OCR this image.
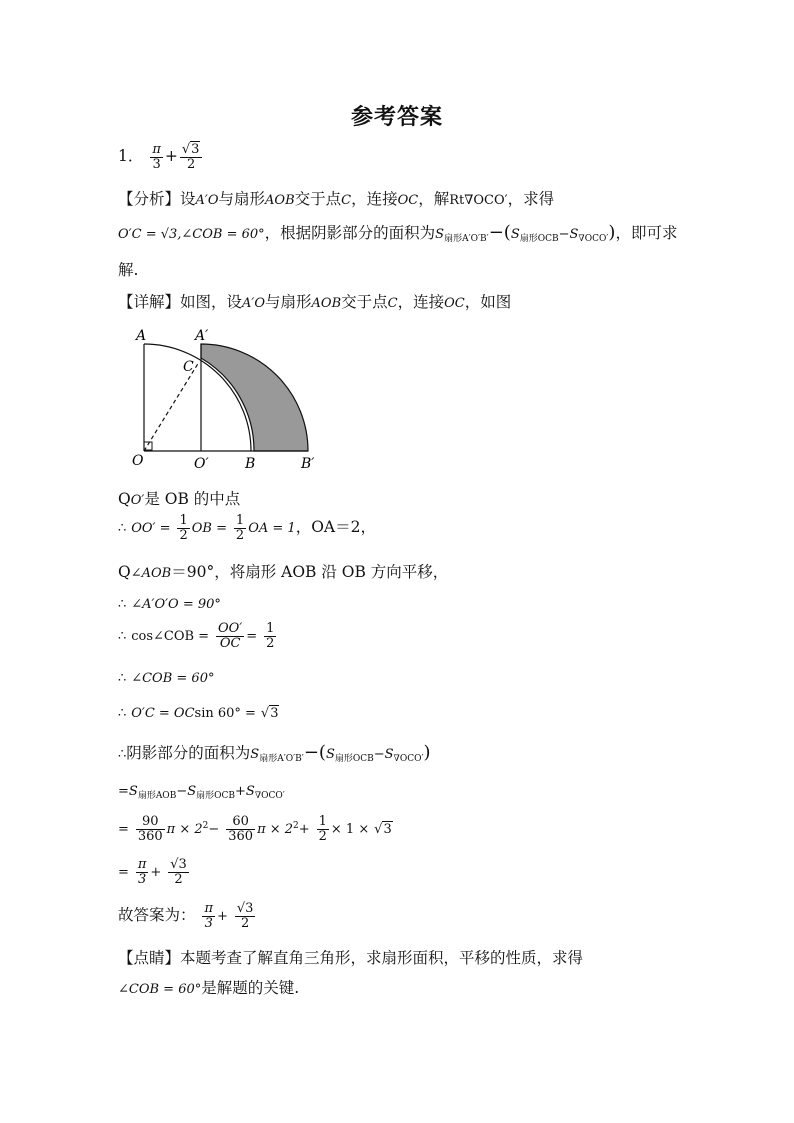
参考答案
1． $\frac{\pi}{3} + \frac{√3}{2}$
【分析】设A′O与扇形AOB交于点C，连接OC，解Rt∇OCO′，求得
O′C = √3,∠COB = 60°，根据阴影部分的面积为$S_{扇形A'O'B'}-(S_{扇形OCB}-S_{\nabla OCO'})$，即可求
解.
【详解】如图，设A′O与扇形AOB交于点C，连接OC，如图
A	A′
C
O	O′	B	B′
QO′是 OB 的中点
∴ $OO' = \frac{1}{2}$ OB = $\frac{1}{2}$ OA = 1，OA＝2，
Q∠AOB＝90°，将扇形 AOB 沿 OB 方向平移，
∴ ∠A′O′O = 90°
∴ cos∠COB = $\frac{OO'}{OC} = \frac{1}{2}$
∴ ∠COB = 60°
∴ O′C = OCsin 60° = √3
∴阴影部分的面积为$S_{扇形A'O'B'}-(S_{扇形OCB}-S_{\nabla OCO'})$
$=S_{扇形AOB}-S_{扇形OCB}+S_{\nabla OCO'}$
= $\frac{90}{360}$ $\pi \times 2^2- \frac{60}{360}$ $\pi \times 2^2+ \frac{1}{2} \times 1 \times √3$
= $\frac{\pi}{3} + \frac{√3}{2}$
故答案为： $\frac{\pi}{3} + \frac{√3}{2}$
【点睛】本题考查了解直角三角形，求扇形面积，平移的性质，求得
∠COB = 60°是解题的关键.
